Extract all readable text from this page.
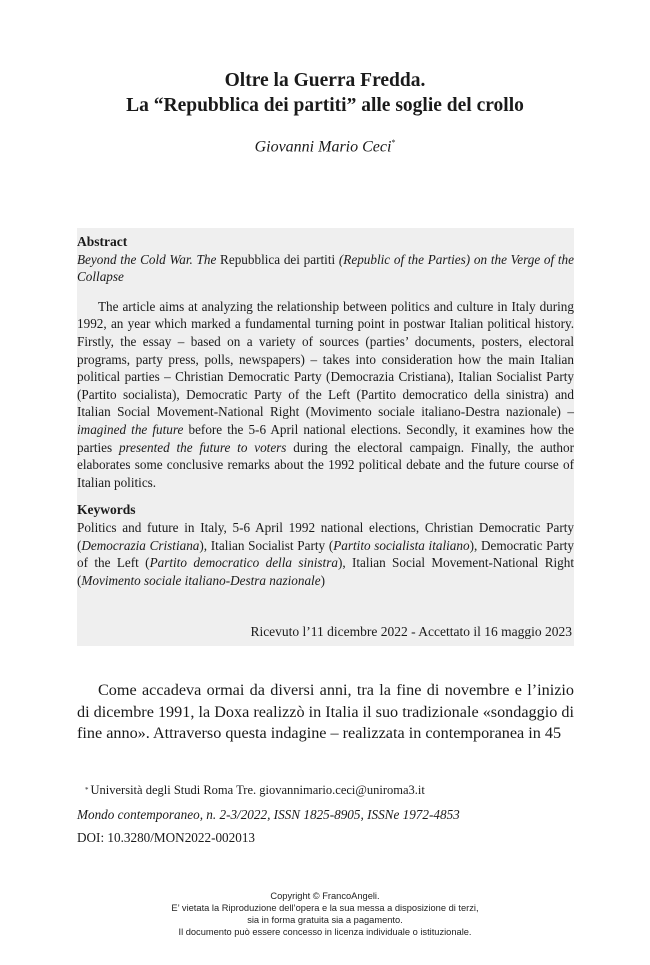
Oltre la Guerra Fredda.
La “Repubblica dei partiti” alle soglie del crollo
Giovanni Mario Ceci*
Abstract
Beyond the Cold War. The Repubblica dei partiti (Republic of the Parties) on the Verge of the Collapse
The article aims at analyzing the relationship between politics and culture in Italy during 1992, an year which marked a fundamental turning point in postwar Italian political history. Firstly, the essay – based on a variety of sources (parties’ documents, posters, electoral programs, party press, polls, newspapers) – takes into consideration how the main Italian political parties – Christian Democratic Party (Democrazia Cristiana), Italian Socialist Party (Partito socialista), Democratic Party of the Left (Partito democratico della sinistra) and Italian Social Movement-National Right (Movimento sociale italiano-Destra nazionale) – imagined the future before the 5-6 April national elections. Secondly, it examines how the parties presented the future to voters during the electoral campaign. Finally, the author elaborates some conclusive remarks about the 1992 political debate and the future course of Italian politics.
Keywords
Politics and future in Italy, 5-6 April 1992 national elections, Christian Democratic Party (Democrazia Cristiana), Italian Socialist Party (Partito socialista italiano), Democratic Party of the Left (Partito democratico della sinistra), Italian Social Movement-National Right (Movimento sociale italiano-Destra nazionale)
Ricevuto l’11 dicembre 2022 - Accettato il 16 maggio 2023
Come accadeva ormai da diversi anni, tra la fine di novembre e l’inizio di dicembre 1991, la Doxa realizzò in Italia il suo tradizionale «sondaggio di fine anno». Attraverso questa indagine – realizzata in contemporanea in 45
* Università degli Studi Roma Tre. giovannimario.ceci@uniroma3.it
Mondo contemporaneo, n. 2-3/2022, ISSN 1825-8905, ISSNe 1972-4853
DOI: 10.3280/MON2022-002013
Copyright © FrancoAngeli.
E’ vietata la Riproduzione dell’opera e la sua messa a disposizione di terzi,
sia in forma gratuita sia a pagamento.
Il documento può essere concesso in licenza individuale o istituzionale.
